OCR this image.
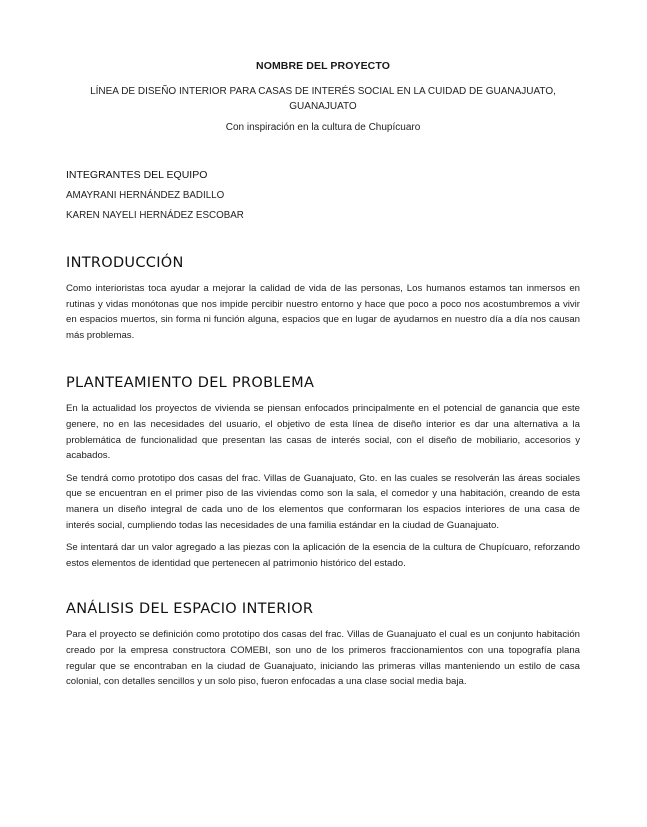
NOMBRE DEL PROYECTO
LÍNEA DE DISEÑO INTERIOR PARA CASAS DE INTERÉS SOCIAL EN LA CUIDAD DE GUANAJUATO,
GUANAJUATO
Con inspiración en la cultura de Chupícuaro
INTEGRANTES DEL EQUIPO
AMAYRANI HERNÁNDEZ BADILLO
KAREN NAYELI HERNÁDEZ ESCOBAR
INTRODUCCIÓN

Como interioristas toca ayudar a mejorar la calidad de vida de las personas, Los humanos estamos tan inmersos en rutinas y vidas monótonas que nos impide percibir nuestro entorno y hace que poco a poco nos acostumbremos a vivir en espacios muertos, sin forma ni función alguna, espacios que en lugar de ayudarnos en nuestro día a día nos causan más problemas.

PLANTEAMIENTO DEL PROBLEMA

En la actualidad los proyectos de vivienda se piensan enfocados principalmente en el potencial de ganancia que este genere, no en las necesidades del usuario, el objetivo de esta línea de diseño interior es dar una alternativa a la problemática de funcionalidad que presentan las casas de interés social, con el diseño de mobiliario, accesorios y acabados.

Se tendrá como prototipo dos casas del frac. Villas de Guanajuato, Gto. en las cuales se resolverán las áreas sociales que se encuentran en el primer piso de las viviendas como son la sala, el comedor y una habitación, creando de esta manera un diseño integral de cada uno de los elementos que conformaran los espacios interiores de una casa de interés social, cumpliendo todas las necesidades de una familia estándar en la ciudad de Guanajuato.

Se intentará dar un valor agregado a las piezas con la aplicación de la esencia de la cultura de Chupícuaro, reforzando estos elementos de identidad que pertenecen al patrimonio histórico del estado.

ANÁLISIS DEL ESPACIO INTERIOR

Para el proyecto se definición como prototipo dos casas del frac. Villas de Guanajuato el cual es un conjunto habitación creado por la empresa constructora COMEBI, son uno de los primeros fraccionamientos con una topografía plana regular que se encontraban en la ciudad de Guanajuato, iniciando las primeras villas manteniendo un estilo de casa colonial, con detalles sencillos y un solo piso, fueron enfocadas a una clase social media baja.
